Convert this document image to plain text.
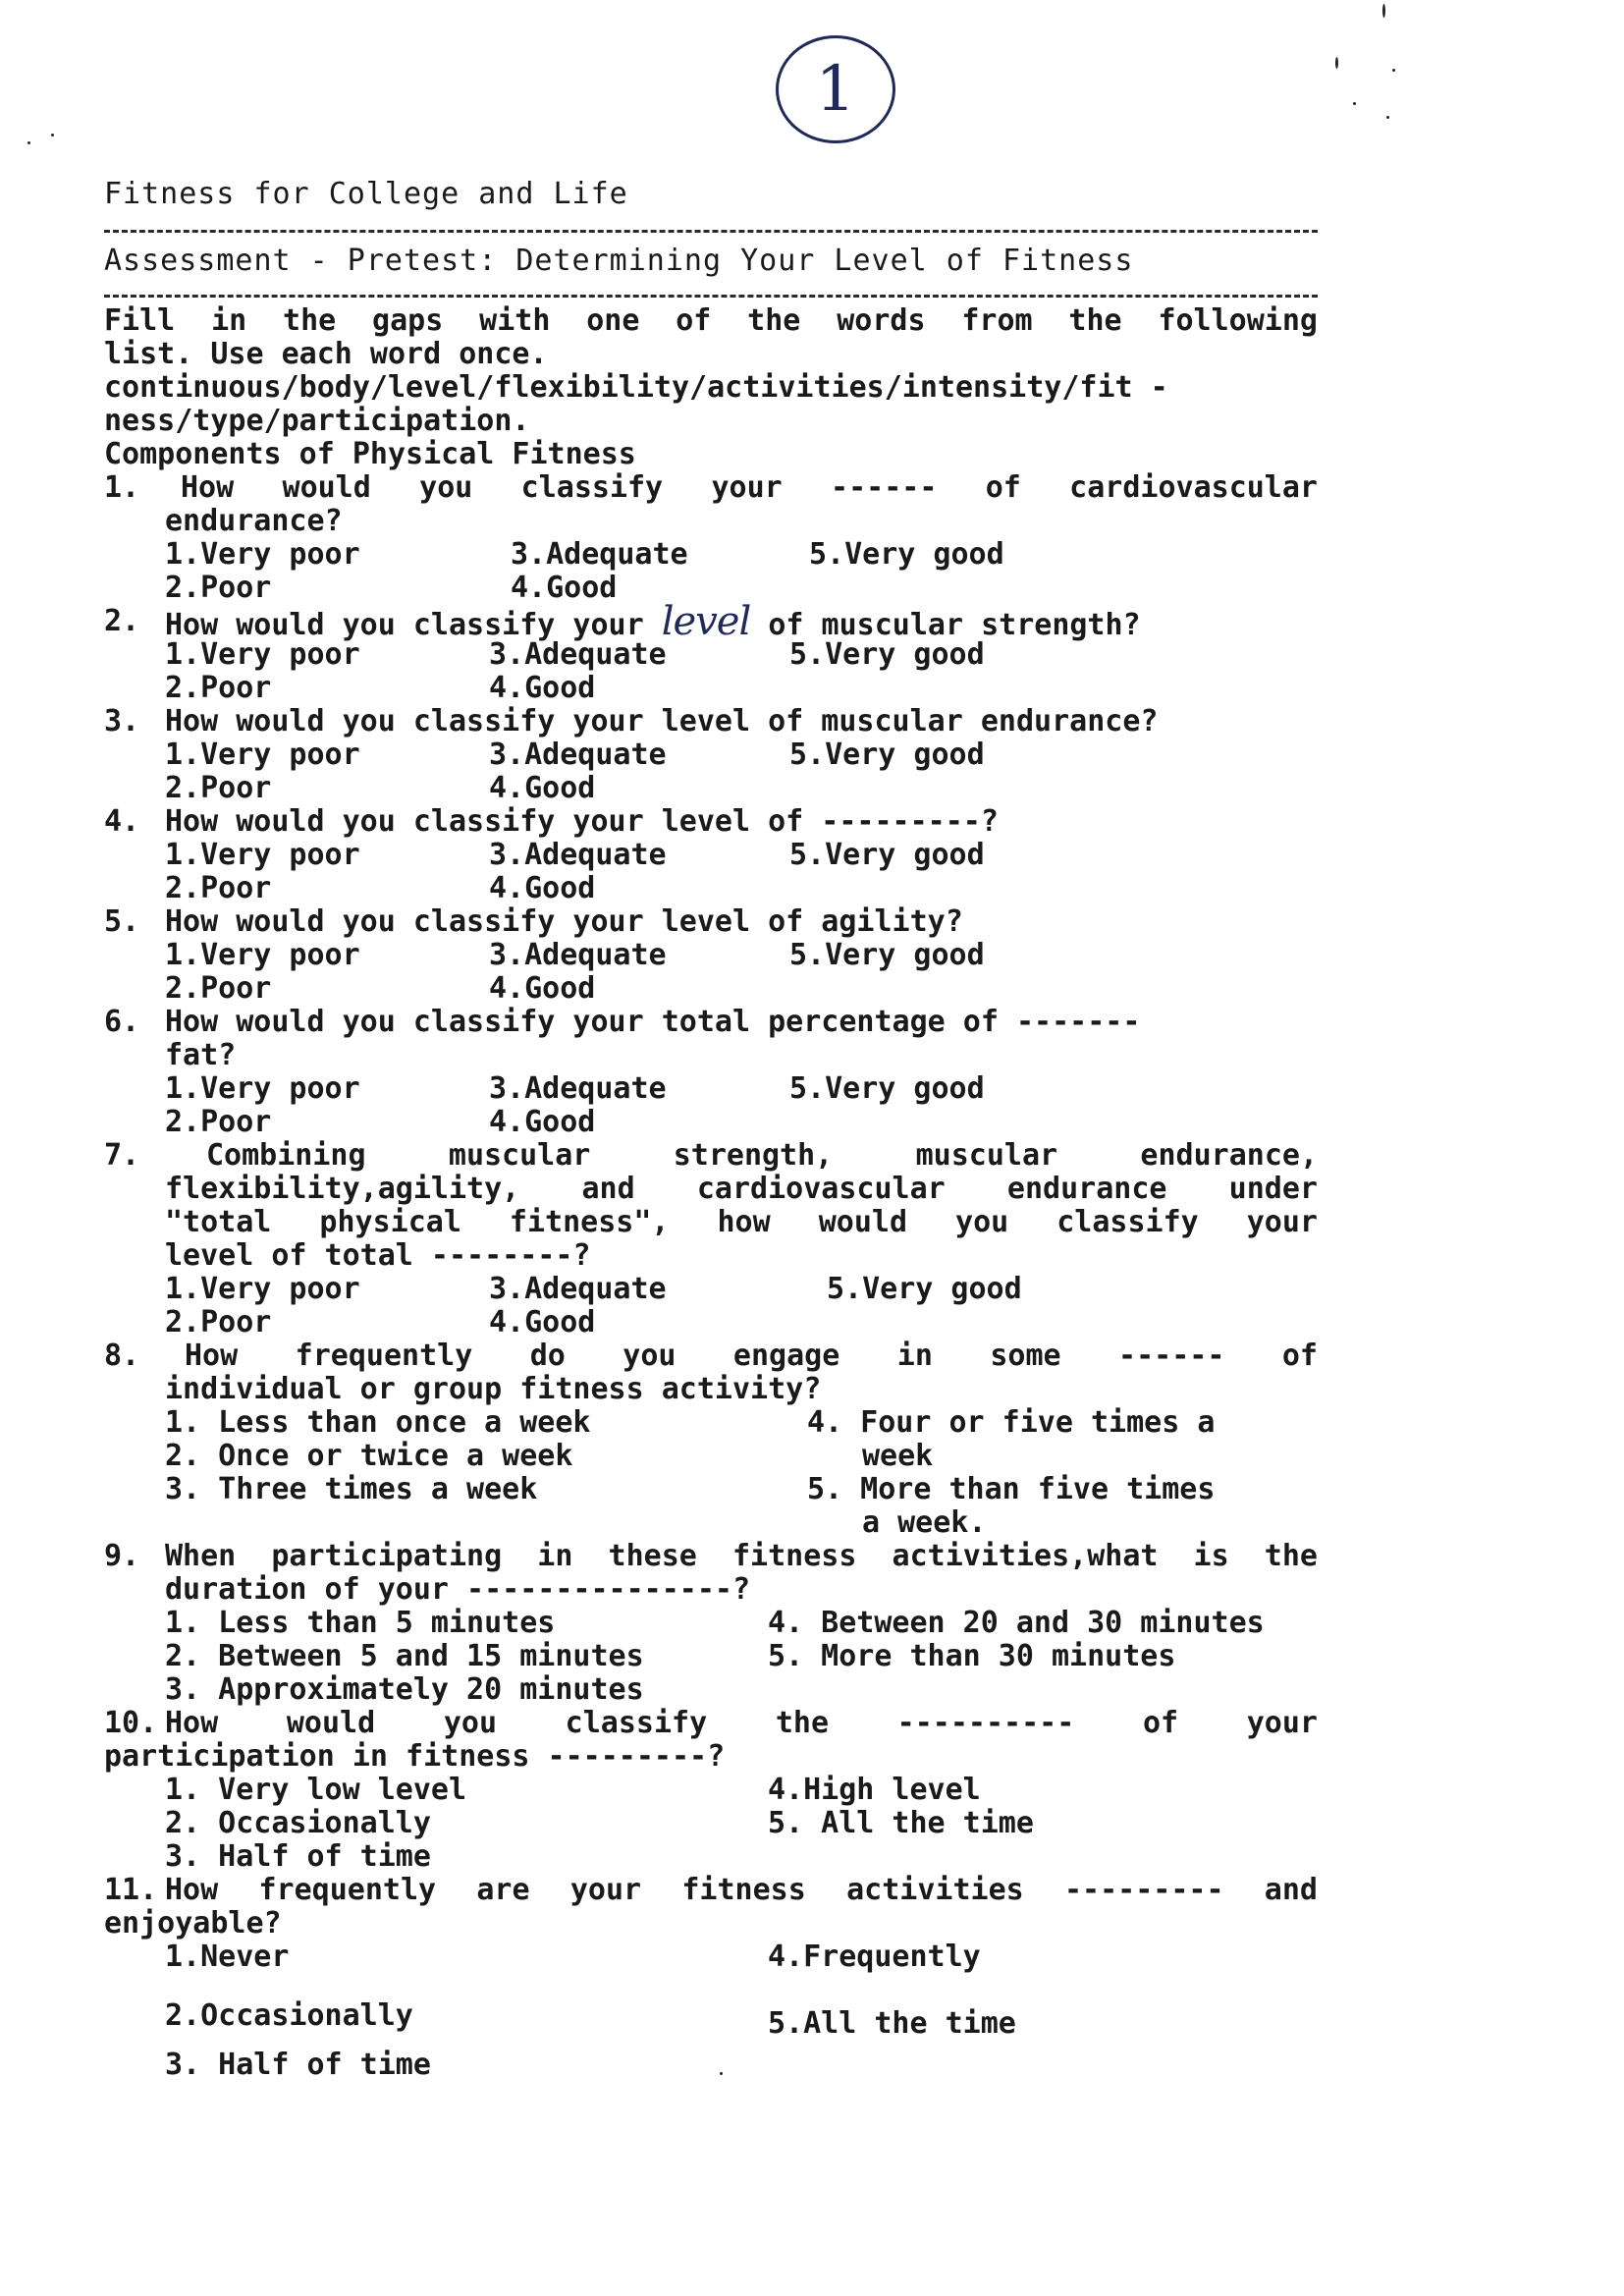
1
Fitness for College and Life
Assessment - Pretest: Determining Your Level of Fitness
Fill in the gaps with one of the words from the following
list. Use each word once.
continuous/body/level/flexibility/activities/intensity/fit -
ness/type/participation.
Components of Physical Fitness
1.	How would you classify your ------ of cardiovascular
endurance?
1.Very poor	3.Adequate	5.Very good
2.Poor	4.Good
2. How would you classify your level of muscular strength?
1.Very poor	3.Adequate	5.Very good
2.Poor	4.Good
3. How would you classify your level of muscular endurance?
1.Very poor	3.Adequate	5.Very good
2.Poor	4.Good
4. How would you classify your level of ---------?
1.Very poor	3.Adequate	5.Very good
2.Poor	4.Good
5. How would you classify your level of agility?
1.Very poor	3.Adequate	5.Very good
2.Poor	4.Good
6. How would you classify your total percentage of -------
fat?
1.Very poor	3.Adequate	5.Very good
2.Poor	4.Good
7.	Combining muscular strength, muscular endurance,
flexibility,agility, and cardiovascular endurance under
"total physical fitness", how would you classify your
level of total --------?
1.Very poor	3.Adequate	5.Very good
2.Poor	4.Good
8.	How frequently do you engage in some ------ of
individual or group fitness activity?
1. Less than once a week	4. Four or five times a
2. Once or twice a week	week
3. Three times a week	5. More than five times
a week.
9. When participating in these fitness activities,what is the
duration of your ---------------?
1. Less than 5 minutes	4. Between 20 and 30 minutes
2. Between 5 and 15 minutes	5. More than 30 minutes
3. Approximately 20 minutes
10. How would you classify the ---------- of your
participation in fitness ---------?
1. Very low level	4.High level
2. Occasionally	5. All the time
3. Half of time
11. How frequently are your fitness activities --------- and
enjoyable?
1.Never	4.Frequently
2.Occasionally	5.All the time
3. Half of time
